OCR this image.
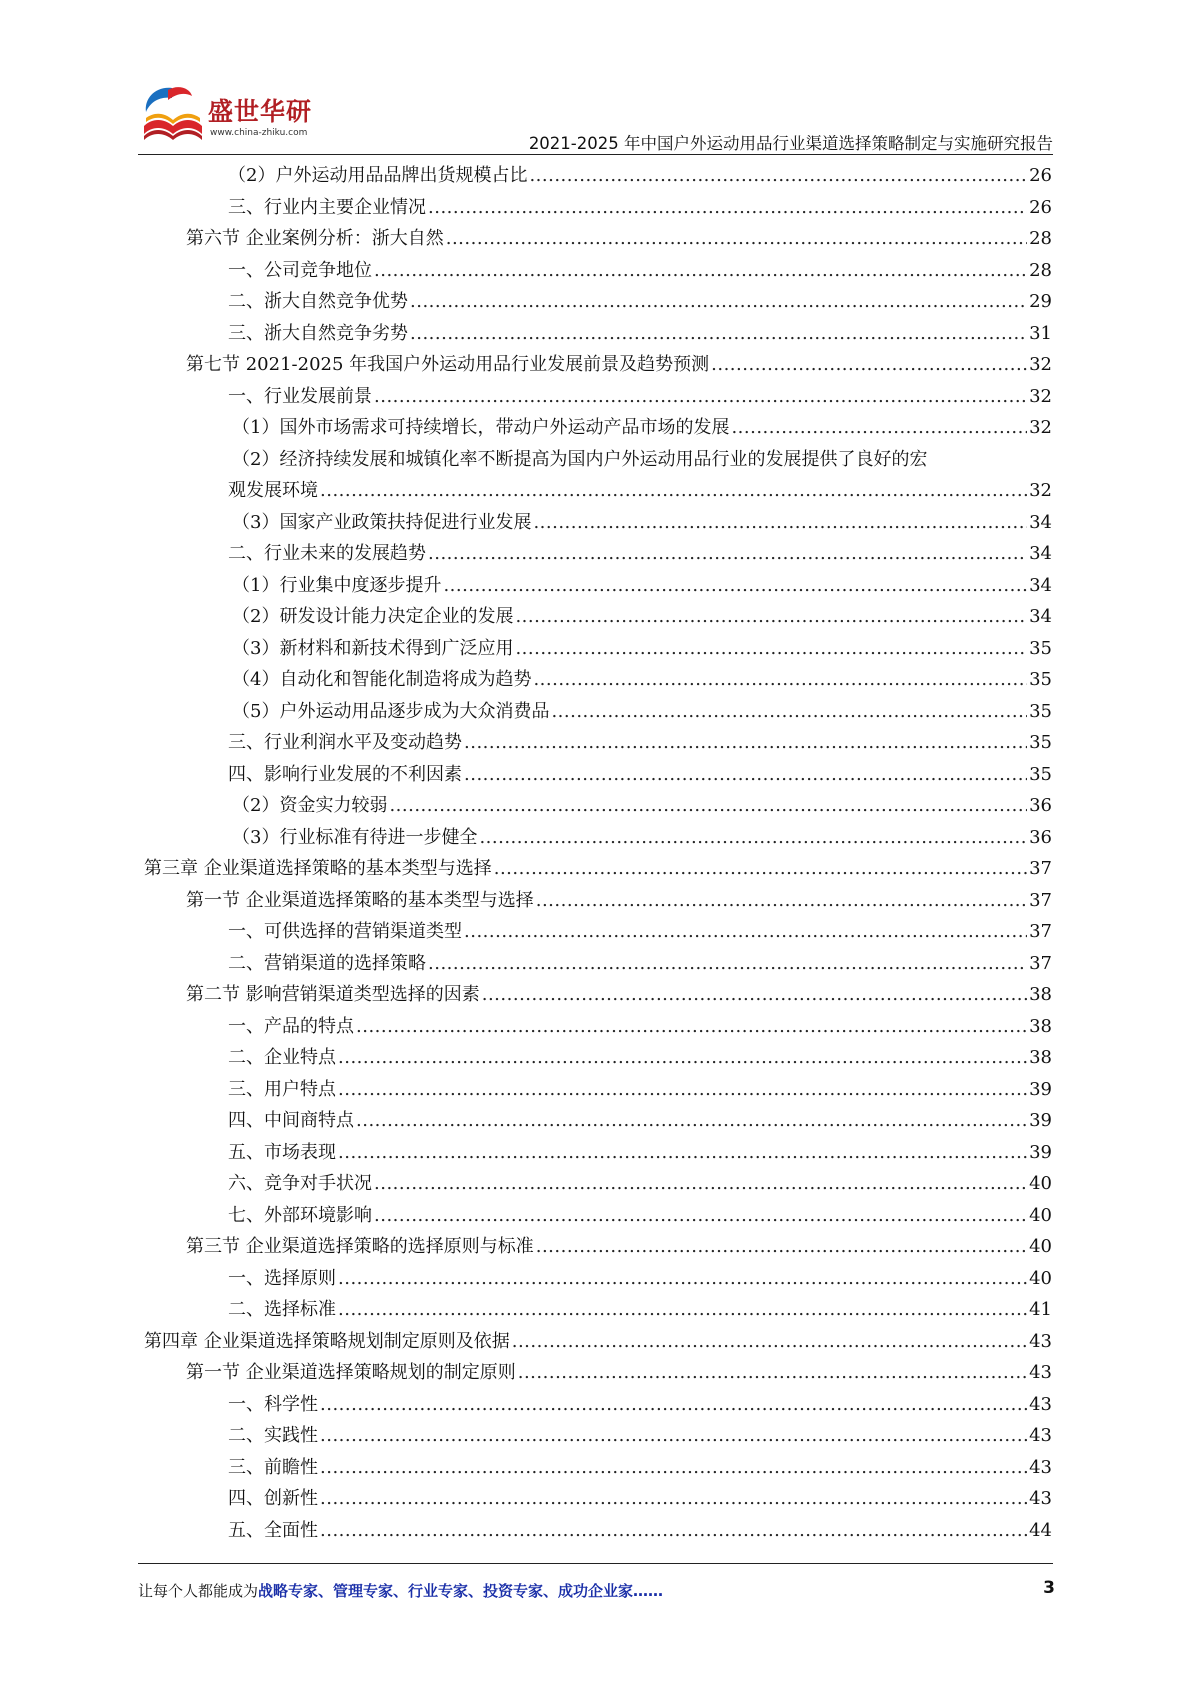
盛世华研
www.china-zhiku.com
2021-2025 年中国户外运动用品行业渠道选择策略制定与实施研究报告
（2）户外运动用品品牌出货规模占比 .....	26
三、行业内主要企业情况 .....	26
第六节 企业案例分析：浙大自然 .....	28
一、公司竞争地位 .....	28
二、浙大自然竞争优势 .....	29
三、浙大自然竞争劣势 .....	31
第七节 2021-2025 年我国户外运动用品行业发展前景及趋势预测 .....	32
一、行业发展前景 .....	32
（1）国外市场需求可持续增长，带动户外运动产品市场的发展 .....	32
（2）经济持续发展和城镇化率不断提高为国内户外运动用品行业的发展提供了良好的宏
观发展环境 .....	32
（3）国家产业政策扶持促进行业发展 .....	34
二、行业未来的发展趋势 .....	34
（1）行业集中度逐步提升 .....	34
（2）研发设计能力决定企业的发展 .....	34
（3）新材料和新技术得到广泛应用 .....	35
（4）自动化和智能化制造将成为趋势 .....	35
（5）户外运动用品逐步成为大众消费品 .....	35
三、行业利润水平及变动趋势 .....	35
四、影响行业发展的不利因素 .....	35
（2）资金实力较弱 .....	36
（3）行业标准有待进一步健全 .....	36
第三章 企业渠道选择策略的基本类型与选择 .....	37
第一节 企业渠道选择策略的基本类型与选择 .....	37
一、可供选择的营销渠道类型 .....	37
二、营销渠道的选择策略 .....	37
第二节 影响营销渠道类型选择的因素 .....	38
一、产品的特点 .....	38
二、企业特点 .....	38
三、用户特点 .....	39
四、中间商特点 .....	39
五、市场表现 .....	39
六、竞争对手状况 .....	40
七、外部环境影响 .....	40
第三节 企业渠道选择策略的选择原则与标准 .....	40
一、选择原则 .....	40
二、选择标准 .....	41
第四章 企业渠道选择策略规划制定原则及依据 .....	43
第一节 企业渠道选择策略规划的制定原则 .....	43
一、科学性 .....	43
二、实践性 .....	43
三、前瞻性 .....	43
四、创新性 .....	43
五、全面性 .....	44
让每个人都能成为战略专家、管理专家、行业专家、投资专家、成功企业家……	3
